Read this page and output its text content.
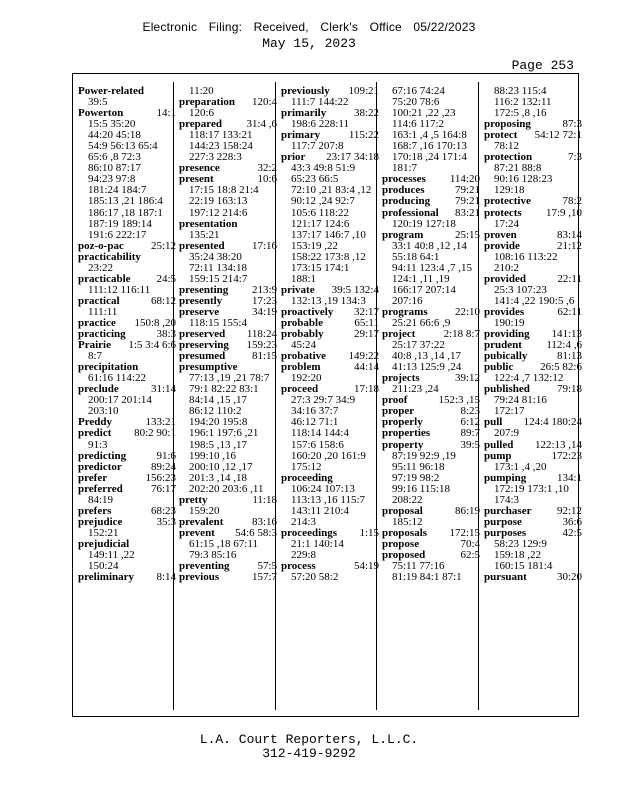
Electronic Filing: Received, Clerk's Office 05/22/2023
May 15, 2023
Page 253
Power-related
39:5
Powerton	14:1
15:5 35:20
44:20 45:18
54:9 56:13 65:4
65:6 ,8 72:3
86:10 87:17
94:23 97:8
181:24 184:7
185:13 ,21 186:4
186:17 ,18 187:1
187:19 189:14
191:6 222:17
poz-o-pac 25:12
practicability
23:22
practicable 24:5
111:12 116:11
practical	68:12
111:11
practice 150:8 ,20
practicing	38:3
Prairie 1:5 3:4 6:6
8:7
precipitation
61:16 114:22
preclude	31:14
200:17 201:14
203:10
Preddy	133:21
predict 80:2 90:1
91:3
predicting	91:6
predictor	89:24
prefer	156:23
preferred	76:17
84:19
prefers	68:23
prejudice	35:3
152:21
prejudicial
149:11 ,22
150:24
preliminary 8:14
11:20
preparation 120:4
120:6
prepared 31:4 ,6
118:17 133:21
144:23 158:24
227:3 228:3
presence	32:2
present	10:6
17:15 18:8 21:4
22:19 163:13
197:12 214:6
presentation
135:21
presented 17:16
35:24 38:20
72:11 134:18
159:15 214:7
presenting 213:9
presently	17:23
preserve	34:19
118:15 155:4
preserved 118:24
preserving 159:23
presumed 81:15
presumptive
77:13 ,19 ,21 78:7
79:1 82:22 83:1
84:14 ,15 ,17
86:12 110:2
194:20 195:8
196:1 197:6 ,21
198:5 ,13 ,17
199:10 ,16
200:10 ,12 ,17
201:3 ,14 ,18
202:20 203:6 ,11
pretty	11:18
159:20
prevalent	83:16
prevent 54:6 58:3
61:15 ,18 67:11
79:3 85:16
preventing	57:5
previous	157:7
previously 109:21
111:7 144:22
primarily	38:22
198:6 228:11
primary	115:22
117:7 207:8
prior 23:17 34:18
43:3 49:8 51:9
65:23 66:5
72:10 ,21 83:4 ,12
90:12 ,24 92:7
105:6 118:22
121:17 124:6
137:17 146:7 ,10
153:19 ,22
158:22 173:8 ,12
173:15 174:1
188:1
private 39:5 132:4
132:13 ,19 134:3
proactively 32:17
probable	65:11
probably	29:17
45:24
probative 149:22
problem	44:14
192:20
proceed	17:18
27:3 29:7 34:9
34:16 37:7
46:12 71:1
118:14 144:4
157:6 158:6
160:20 ,20 161:9
175:12
proceeding
106:24 107:13
113:13 ,16 115:7
143:11 210:4
214:3
proceedings 1:15
21:1 140:14
229:8
process	54:19
57:20 58:2
67:16 74:24
75:20 78:6
100:21 ,22 ,23
114:6 117:2
163:1 ,4 ,5 164:8
168:7 ,16 170:13
170:18 ,24 171:4
181:7
processes 114:20
produces	79:21
producing 79:21
professional 83:21
120:19 127:18
program	25:15
33:1 40:8 ,12 ,14
55:18 64:1
94:11 123:4 ,7 ,15
124:1 ,11 ,19
166:17 207:14
207:16
programs 22:10
25:21 66:6 ,9
project	2:18 8:7
25:17 37:22
40:8 ,13 ,14 ,17
41:13 125:9 ,24
projects	39:12
211:23 ,24
proof	152:3 ,15
proper	8:23
properly	6:12
properties	89:7
property	39:5
87:19 92:9 ,19
95:11 96:18
97:19 98:2
99:16 115:18
208:22
proposal	86:19
185:12
proposals 172:15
propose	70:4
proposed	62:5
75:11 77:16
81:19 84:1 87:1
88:23 115:4
116:2 132:11
172:5 ,8 ,16
proposing	87:3
protect 54:12 72:1
78:12
protection	7:3
87:21 88:8
90:16 128:23
129:18
protective	78:2
protects 17:9 ,10
17:24
proven	83:14
provide	21:12
108:16 113:22
210:2
provided	22:11
25:3 107:23
141:4 ,22 190:5 ,6
provides	62:11
190:19
providing 141:13
prudent 112:4 ,6
pubically	81:13
public 26:5 82:6
122:4 ,7 132:12
published 79:18
79:24 81:16
172:17
pull 124:4 180:24
207:9
pulled 122:13 ,14
pump	172:23
173:1 ,4 ,20
pumping	134:1
172:19 173:1 ,10
174:3
purchaser 92:12
purpose	36:6
purposes	42:5
58:23 129:9
159:18 ,22
160:15 181:4
pursuant	30:20
L.A. Court Reporters, L.L.C.
312-419-9292
